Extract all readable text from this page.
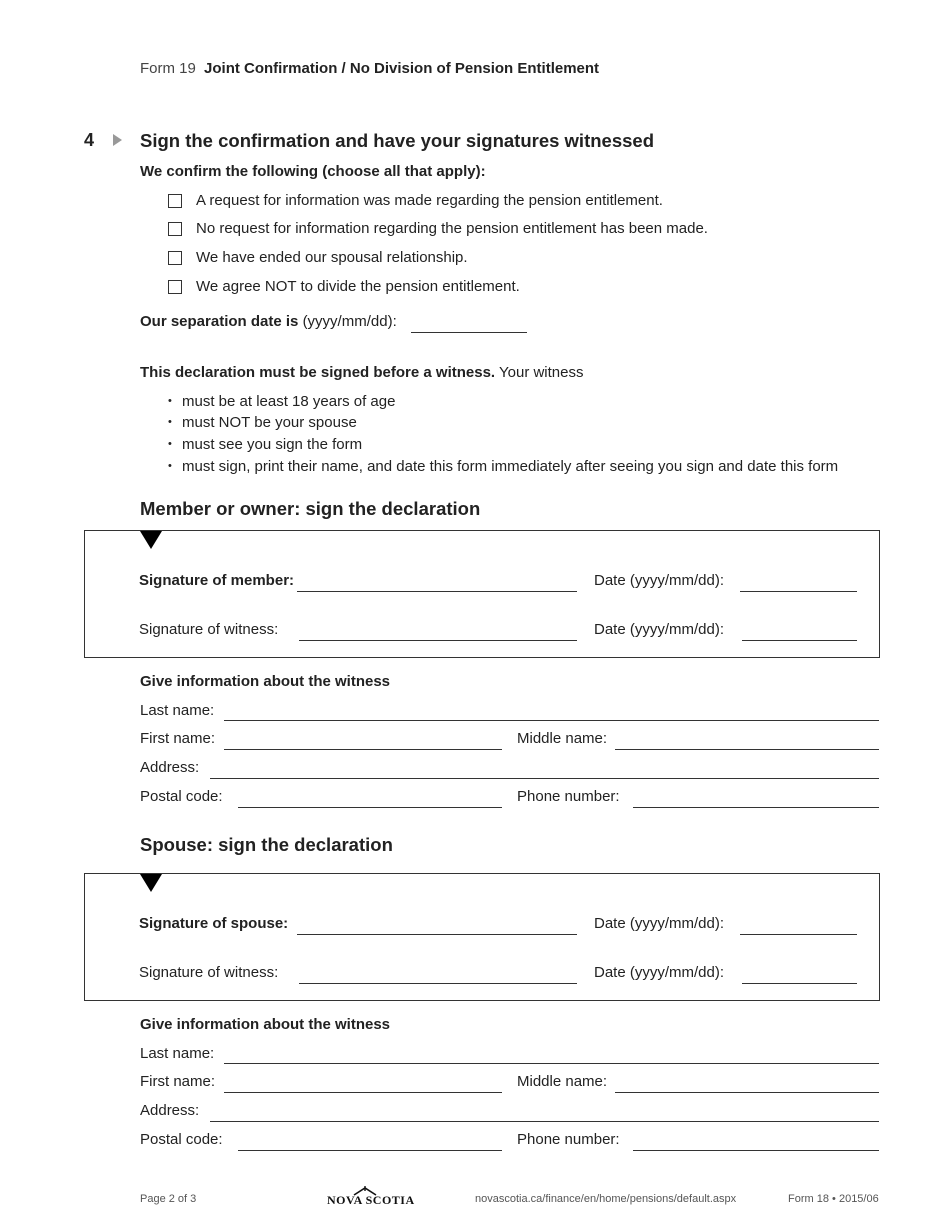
Form 19 Joint Confirmation / No Division of Pension Entitlement
4 Sign the confirmation and have your signatures witnessed
We confirm the following (choose all that apply):
A request for information was made regarding the pension entitlement.
No request for information regarding the pension entitlement has been made.
We have ended our spousal relationship.
We agree NOT to divide the pension entitlement.
Our separation date is (yyyy/mm/dd):
This declaration must be signed before a witness. Your witness
• must be at least 18 years of age
• must NOT be your spouse
• must see you sign the form
• must sign, print their name, and date this form immediately after seeing you sign and date this form
Member or owner: sign the declaration
Signature of member:	Date (yyyy/mm/dd):
Signature of witness:	Date (yyyy/mm/dd):
Give information about the witness
Last name:
First name:	Middle name:
Address:
Postal code:	Phone number:
Spouse: sign the declaration
Signature of spouse:	Date (yyyy/mm/dd):
Signature of witness:	Date (yyyy/mm/dd):
Give information about the witness
Last name:
First name:	Middle name:
Address:
Postal code:	Phone number:
Page 2 of 3	NOVA SCOTIA	novascotia.ca/finance/en/home/pensions/default.aspx	Form 18 • 2015/06
